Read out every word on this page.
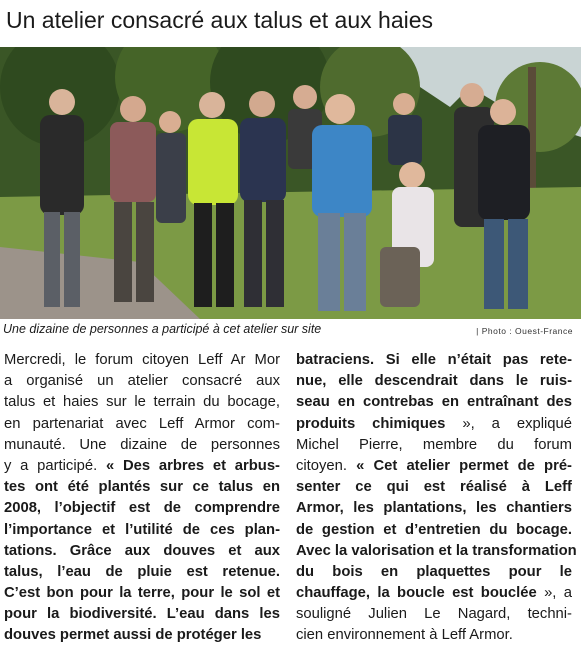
Un atelier consacré aux talus et aux haies
Une dizaine de personnes a participé à cet atelier sur site	| Photo : Ouest-France
Mercredi, le forum citoyen Leff Ar Mor
a organisé un atelier consacré aux
talus et haies sur le terrain du bocage,
en partenariat avec Leff Armor com-
munauté. Une dizaine de personnes
y a participé. « Des arbres et arbus-
tes ont été plantés sur ce talus en
2008, l’objectif est de comprendre
l’importance et l’utilité de ces plan-
tations. Grâce aux douves et aux
talus, l’eau de pluie est retenue.
C’est bon pour la terre, pour le sol et
pour la biodiversité. L’eau dans les
douves permet aussi de protéger les
batraciens. Si elle n’était pas rete-
nue, elle descendrait dans le ruis-
seau en contrebas en entraînant des
produits chimiques », a expliqué
Michel Pierre, membre du forum
citoyen. « Cet atelier permet de pré-
senter ce qui est réalisé à Leff
Armor, les plantations, les chantiers
de gestion et d’entretien du bocage.
Avec la valorisation et la transformation
du bois en plaquettes pour le
chauffage, la boucle est bouclée », a
souligné Julien Le Nagard, techni-
cien environnement à Leff Armor.
